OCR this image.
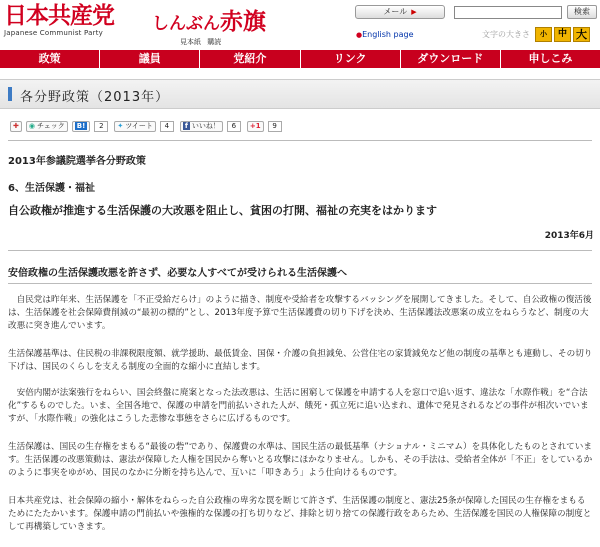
日本共産党
Japanese Communist Party	しんぶん赤旗
見本紙 購読
メール ▶	検索
●English page	文字の大きさ	小	中 大
政策	議員	党紹介	リンク	ダウンロード	申しこみ
各分野政策（2013年）
✚ ◉ チェック B!	2	✦ ツイート	4	f いいね！	6	+1	9
2013年参議院選挙各分野政策
6、生活保護・福祉
自公政権が推進する生活保護の大改悪を阻止し、貧困の打開、福祉の充実をはかります
2013年6月
安倍政権の生活保護改悪を許さず、必要な人すべてが受けられる生活保護へ
　自民党は昨年来、生活保護を「不正受給だらけ」のように描き、制度や受給者を攻撃するバッシングを展開してきました。そして、自公政権の復活後は、生活保護を社会保障費削減の“最初の標的”とし、2013年度予算で生活保護費の切り下げを決め、生活保護法改悪案の成立をねらうなど、制度の大改悪に突き進んでいます。
生活保護基準は、住民税の非課税限度額、就学援助、最低賃金、国保・介護の負担減免、公営住宅の家賃減免など他の制度の基準とも連動し、その切り下げは、国民のくらしを支える制度の全面的な縮小に直結します。
　安倍内閣が法案強行をねらい、国会終盤に廃案となった法改悪は、生活に困窮して保護を申請する人を窓口で追い返す、違法な「水際作戦」を“合法化”するものでした。いま、全国各地で、保護の申請を門前払いされた人が、餓死・孤立死に追い込まれ、遺体で発見されるなどの事件が相次いでいますが、「水際作戦」の強化はこうした悲惨な事態をさらに広げるものです。
生活保護は、国民の生存権をまもる“最後の砦”であり、保護費の水準は、国民生活の最低基準（ナショナル・ミニマム）を具体化したものとされています。生活保護の改悪策動は、憲法が保障した人権を国民から奪いとる攻撃にほかなりません。しかも、その手法は、受給者全体が「不正」をしているかのように事実をゆがめ、国民のなかに分断を持ち込んで、互いに「叩きあう」よう仕向けるものです。
日本共産党は、社会保障の縮小・解体をねらった自公政権の卑劣な罠を断じて許さず、生活保護の制度と、憲法25条が保障した国民の生存権をまもるためにたたかいます。保護申請の門前払いや強権的な保護の打ち切りなど、排除と切り捨ての保護行政をあらため、生活保護を国民の人権保障の制度として再構築していきます。
